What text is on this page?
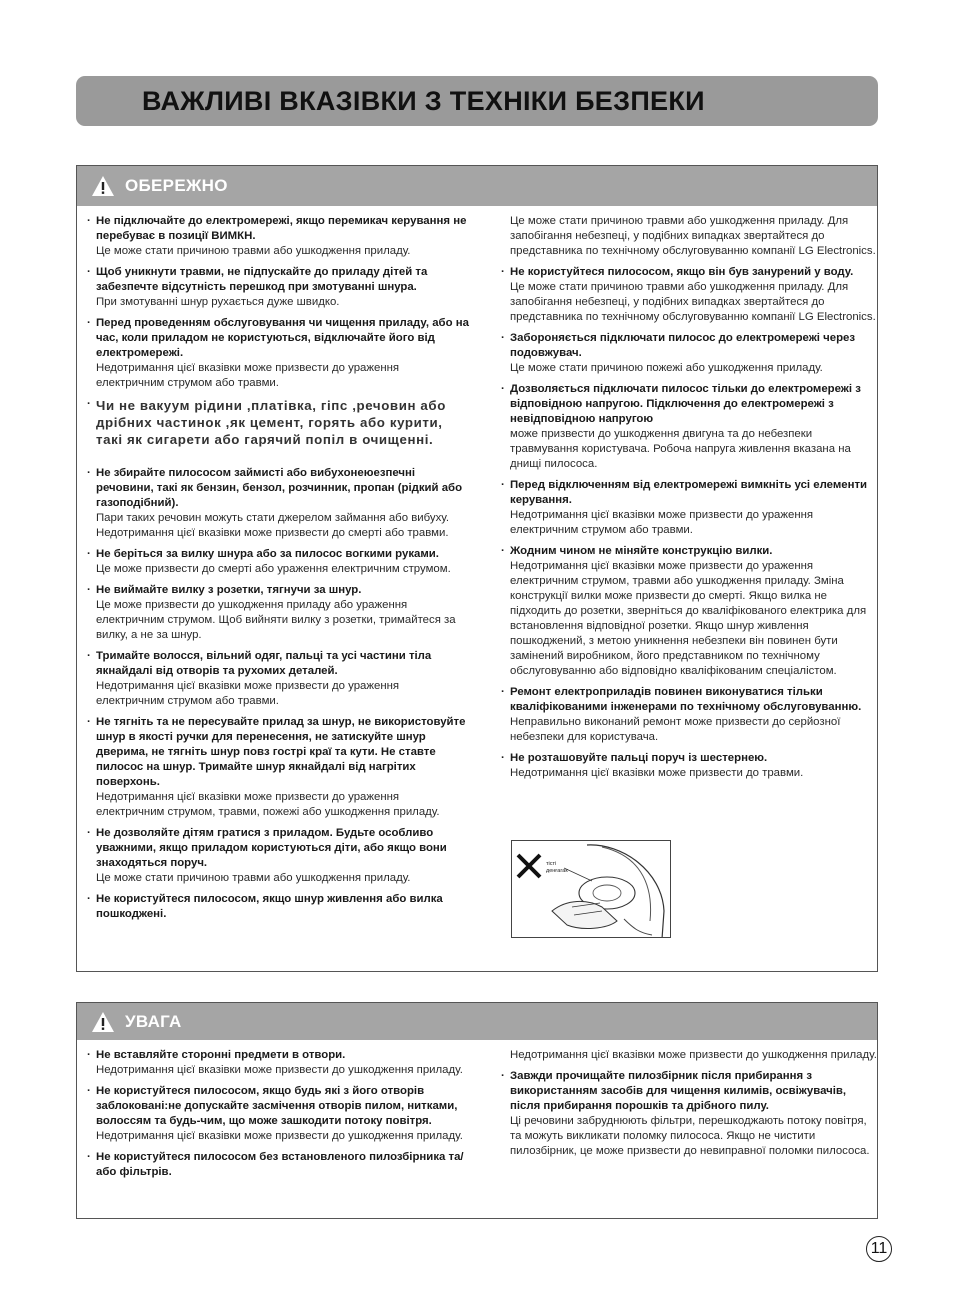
ВАЖЛИВІ ВКАЗІВКИ З ТЕХНІКИ БЕЗПЕКИ
ОБЕРЕЖНО
· Не підключайте до електромережі, якщо перемикач керування не перебуває в позиції ВИМКН.
Це може стати причиною травми або ушкодження приладу.
· Щоб уникнути травми, не підпускайте до приладу дітей та забезпечте відсутність перешкод при змотуванні шнура.
При змотуванні шнур рухається дуже швидко.
· Перед проведенням обслуговування чи чищення приладу, або на час, коли приладом не користуються, відключайте його від електромережі.
Недотримання цієї вказівки може призвести до ураження електричним струмом або травми.
· Чи не вакуум рідини ,платівка, гіпс ,речовин або дрібних частинок ,як цемент, горять або курити, такі як сигарети або гарячий попіл в очищенні.
· Не збирайте пилососом займисті або вибухонеюезпечні речовини, такі як бензин, бензол, розчинник, пропан (рідкий або газоподібний).
Пари таких речовин можуть стати джерелом займання або вибуху. Недотримання цієї вказівки може призвести до смерті або травми.
· Не беріться за вилку шнура або за пилосос вогкими руками.
Це може призвести до смерті або ураження електричним струмом.
· Не виймайте вилку з розетки, тягнучи за шнур.
Це може призвести до ушкодження приладу або ураження електричним струмом. Щоб вийняти вилку з розетки, тримайтеся за вилку, а не за шнур.
· Тримайте волосся, вільний одяг, пальці та усі частини тіла якнайдалі від отворів та рухомих деталей.
Недотримання цієї вказівки може призвести до ураження електричним струмом або травми.
· Не тягніть та не пересувайте прилад за шнур, не використовуйте шнур в якості ручки для перенесення, не затискуйте шнур дверима, не тягніть шнур повз гострі краї та кути. Не ставте пилосос на шнур. Тримайте шнур якнайдалі від нагрітих поверхонь.
Недотримання цієї вказівки може призвести до ураження електричним струмом, травми, пожежі або ушкодження приладу.
· Не дозволяйте дітям гратися з приладом. Будьте особливо уважними, якщо приладом користуються діти, або якщо вони знаходяться поруч.
Це може стати причиною травми або ушкодження приладу.
· Не користуйтеся пилососом, якщо шнур живлення або вилка пошкоджені.
Це може стати причиною травми або ушкодження приладу. Для запобігання небезпеці, у подібних випадках звертайтеся до представника по технічному обслуговуванню компанії LG Electronics.
· Не користуйтеся пилососом, якщо він був занурений у воду.
Це може стати причиною травми або ушкодження приладу. Для запобігання небезпеці, у подібних випадках звертайтеся до представника по технічному обслуговуванню компанії LG Electronics.
· Забороняється підключати пилосос до електромережі через подовжувач.
Це може стати причиною пожежі або ушкодження приладу.
· Дозволяється підключати пилосос тільки до електромережі з відповідною напругою. Підключення до електромережі з невідповідною напругою
може призвести до ушкодження двигуна та до небезпеки травмування користувача. Робоча напруга живлення вказана на днищі пилососа.
· Перед відключенням від електромережі вимкніть усі елементи керування.
Недотримання цієї вказівки може призвести до ураження електричним струмом або травми.
· Жодним чином не міняйте конструкцію вилки.
Недотримання цієї вказівки може призвести до ураження електричним струмом, травми або ушкодження приладу. Зміна конструкції вилки може призвести до смерті. Якщо вилка не підходить до розетки, зверніться до кваліфікованого електрика для встановлення відповідної розетки. Якщо шнур живлення пошкоджений, з метою уникнення небезпеки він повинен бути замінений виробником, його представником по технічному обслуговуванню або відповідно кваліфікованим спеціалістом.
· Ремонт електроприладів повинен виконуватися тільки кваліфікованими інженерами по технічному обслуговуванню.
Неправильно виконаний ремонт може призвести до серйозної небезпеки для користувача.
· Не розташовуйте пальці поруч із шестернею.
Недотримання цієї вказівки може призвести до травми.
тісті
денғагак
УВАГА
· Не вставляйте сторонні предмети в отвори.
Недотримання цієї вказівки може призвести до ушкодження приладу.
· Не користуйтеся пилососом, якщо будь які з його отворів заблоковані:не допускайте засмічення отворів пилом, нитками, волоссям та будь-чим, що може зашкодити потоку повітря.
Недотримання цієї вказівки може призвести до ушкодження приладу.
· Не користуйтеся пилососом без встановленого пилозбірника та/або фільтрів.
Недотримання цієї вказівки може призвести до ушкодження приладу.
· Завжди прочищайте пилозбірник після прибирання з використанням засобів для чищення килимів, освіжувачів, після прибирання порошків та дрібного пилу.
Ці речовини забруднюють фільтри, перешкоджають потоку повітря, та можуть викликати поломку пилососа. Якщо не чистити пилозбірник, це може призвести до невиправної поломки пилососа.
11
